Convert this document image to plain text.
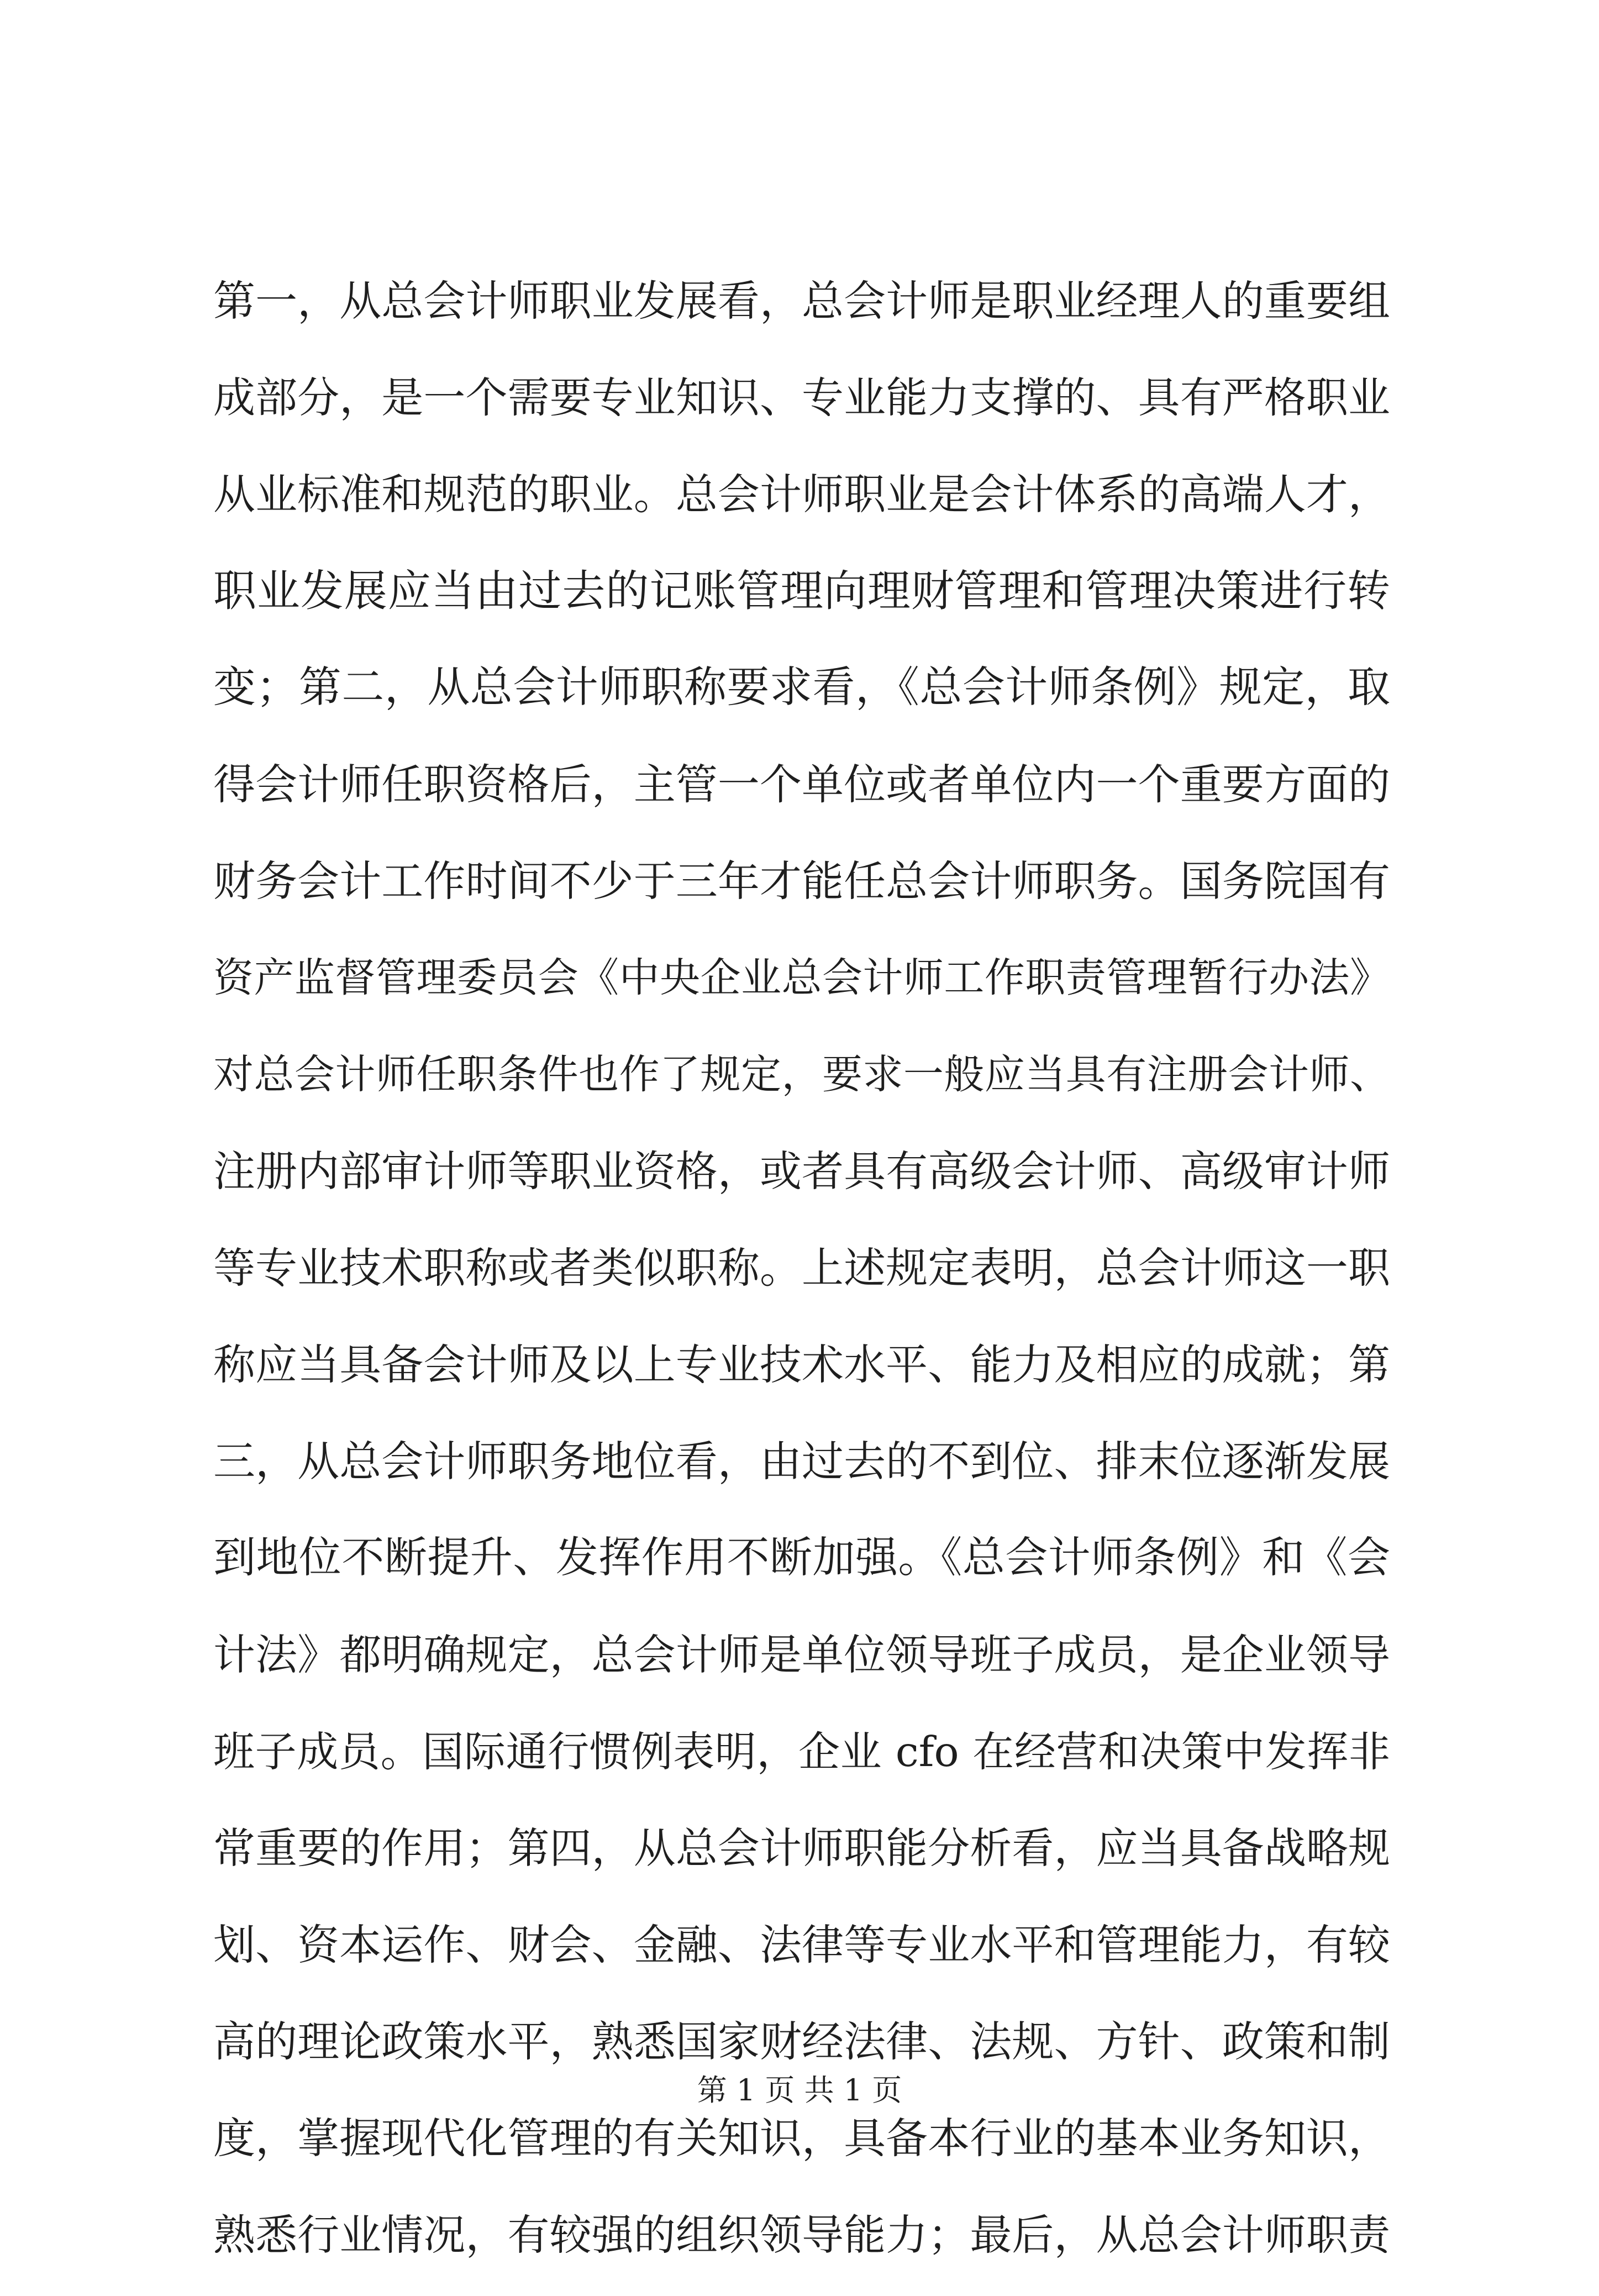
第一，从总会计师职业发展看，总会计师是职业经理人的重要组
成部分，是一个需要专业知识、专业能力支撑的、具有严格职业
从业标准和规范的职业。总会计师职业是会计体系的高端人才，
职业发展应当由过去的记账管理向理财管理和管理决策进行转
变；第二，从总会计师职称要求看，《总会计师条例》规定，取
得会计师任职资格后，主管一个单位或者单位内一个重要方面的
财务会计工作时间不少于三年才能任总会计师职务。国务院国有
资产监督管理委员会《中央企业总会计师工作职责管理暂行办法》
对总会计师任职条件也作了规定，要求一般应当具有注册会计师、
注册内部审计师等职业资格，或者具有高级会计师、高级审计师
等专业技术职称或者类似职称。上述规定表明，总会计师这一职
称应当具备会计师及以上专业技术水平、能力及相应的成就；第
三，从总会计师职务地位看，由过去的不到位、排末位逐渐发展
到地位不断提升、发挥作用不断加强。《总会计师条例》和《会
计法》都明确规定，总会计师是单位领导班子成员，是企业领导
班子成员。国际通行惯例表明，企业 cfo 在经营和决策中发挥非
常重要的作用；第四，从总会计师职能分析看，应当具备战略规
划、资本运作、财会、金融、法律等专业水平和管理能力，有较
高的理论政策水平，熟悉国家财经法律、法规、方针、政策和制
度，掌握现代化管理的有关知识，具备本行业的基本业务知识，
熟悉行业情况，有较强的组织领导能力；最后，从总会计师职责
第 1 页 共 1 页
